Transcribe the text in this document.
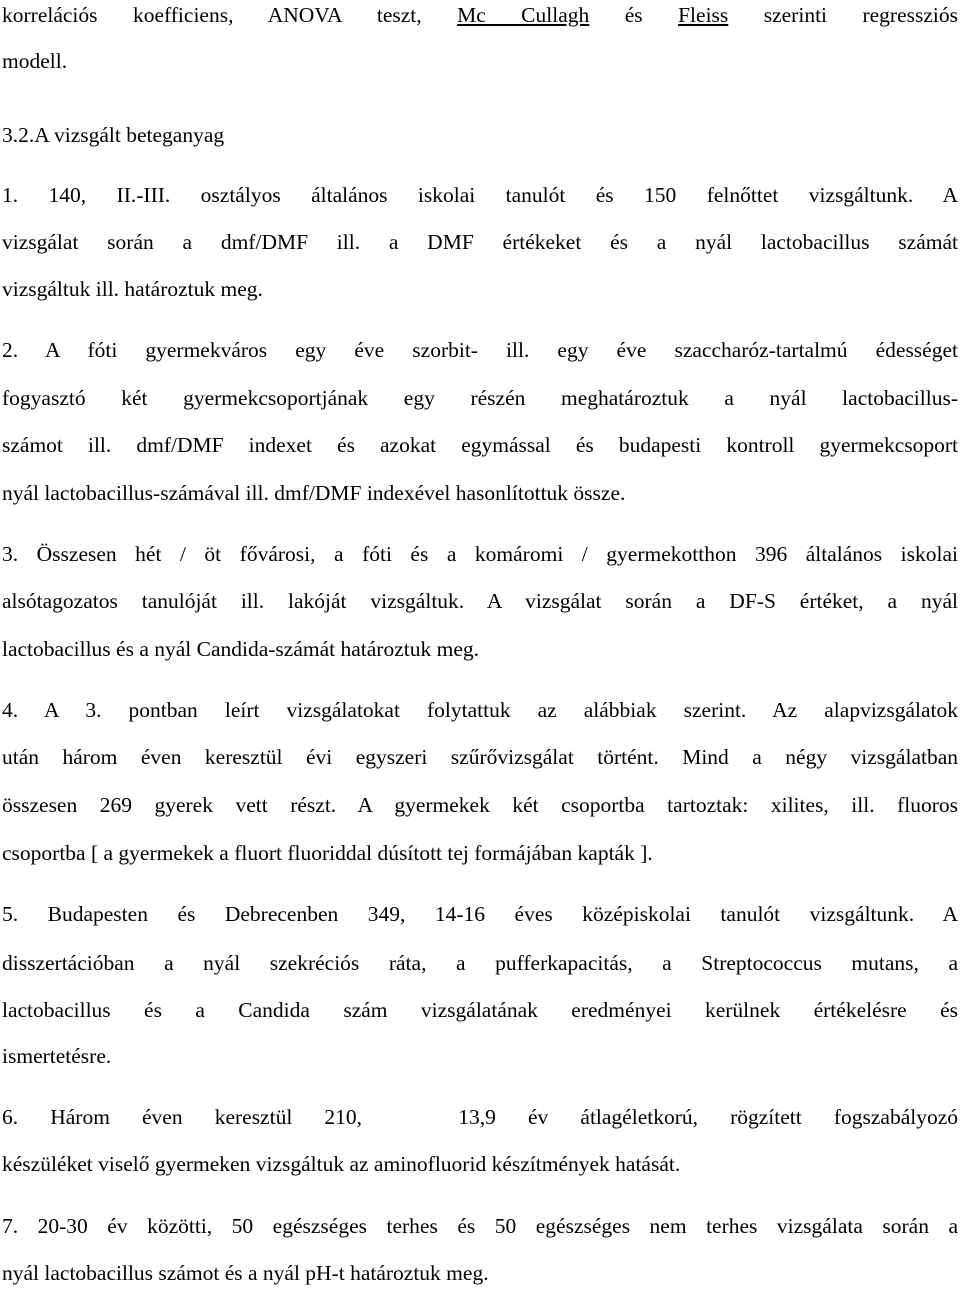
korrelációs koefficiens, ANOVA teszt, Mc Cullagh és Fleiss szerinti regressziós
modell.
3.2.A vizsgált beteganyag
1. 140, II.-III. osztályos általános iskolai tanulót és 150 felnőttet vizsgáltunk. A
vizsgálat során a dmf/DMF ill. a DMF értékeket és a nyál lactobacillus számát
vizsgáltuk ill. határoztuk meg.
2. A fóti gyermekváros egy éve szorbit- ill. egy éve szaccharóz-tartalmú édességet
fogyasztó két gyermekcsoportjának egy részén meghatároztuk a nyál lactobacillus-
számot ill. dmf/DMF indexet és azokat egymással és budapesti kontroll gyermekcsoport
nyál lactobacillus-számával ill. dmf/DMF indexével hasonlítottuk össze.
3. Összesen hét / öt fővárosi, a fóti és a komáromi / gyermekotthon 396 általános iskolai
alsótagozatos tanulóját ill. lakóját vizsgáltuk. A vizsgálat során a DF-S értéket, a nyál
lactobacillus és a nyál Candida-számát határoztuk meg.
4. A 3. pontban leírt vizsgálatokat folytattuk az alábbiak szerint. Az alapvizsgálatok
után három éven keresztül évi egyszeri szűrővizsgálat történt. Mind a négy vizsgálatban
összesen 269 gyerek vett részt. A gyermekek két csoportba tartoztak: xilites, ill. fluoros
csoportba [ a gyermekek a fluort fluoriddal dúsított tej formájában kapták ].
5. Budapesten és Debrecenben 349, 14-16 éves középiskolai tanulót vizsgáltunk. A
disszertációban a nyál szekréciós ráta, a pufferkapacitás, a Streptococcus mutans, a
lactobacillus és a Candida szám vizsgálatának eredményei kerülnek értékelésre és
ismertetésre.
6. Három éven keresztül 210,   13,9 év átlagéletkorú, rögzített fogszabályozó
készüléket viselő gyermeken vizsgáltuk az aminofluorid készítmények hatását.
7. 20-30 év közötti, 50 egészséges terhes és 50 egészséges nem terhes vizsgálata során a
nyál lactobacillus számot és a nyál pH-t határoztuk meg.
